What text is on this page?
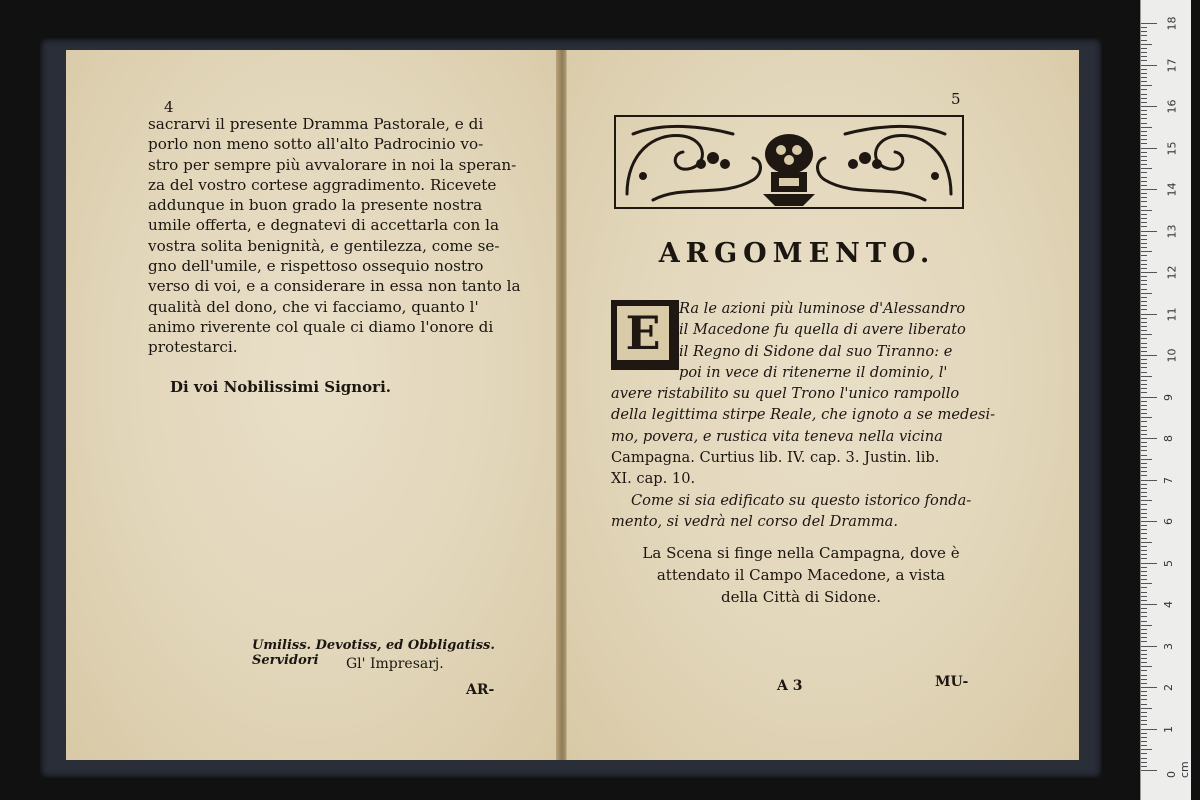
4

sacrarvi il presente Dramma Pastorale, e di
porlo non meno sotto all'alto Padrocinio vo-
stro per sempre più avvalorare in noi la speran-
za del vostro cortese aggradimento. Ricevete
addunque in buon grado la presente nostra
umile offerta, e degnatevi di accettarla con la
vostra solita benignità, e gentilezza, come se-
gno dell'umile, e rispettoso ossequio nostro
verso di voi, e a considerare in essa non tanto la
qualità del dono, che vi facciamo, quanto l'
animo riverente col quale ci diamo l'onore di
protestarci.

Di voi Nobilissimi Signori.

Umiliss. Devotiss, ed Obbligatiss. Servidori	Gl' Impresarj.

AR-

5

ARGOMENTO.

E	Ra le azioni più luminose d'Alessandro
il Macedone fu quella di avere liberato
il Regno di Sidone dal suo Tiranno: e
poi in vece di ritenerne il dominio, l'
avere ristabilito su quel Trono l'unico rampollo
della legittima stirpe Reale, che ignoto a se medesi-
mo, povera, e rustica vita teneva nella vicina
Campagna. Curtius lib. IV. cap. 3. Justin. lib.
XI. cap. 10.
Come si sia edificato su questo istorico fonda-
mento, si vedrà nel corso del Dramma.
La Scena si finge nella Campagna, dove è
attendato il Campo Macedone, a vista
della Città di Sidone.

A 3	MU-

0 cm
1
2
3
4
5
6
7
8
9
10
11
12
13
14
15
16
17
18
